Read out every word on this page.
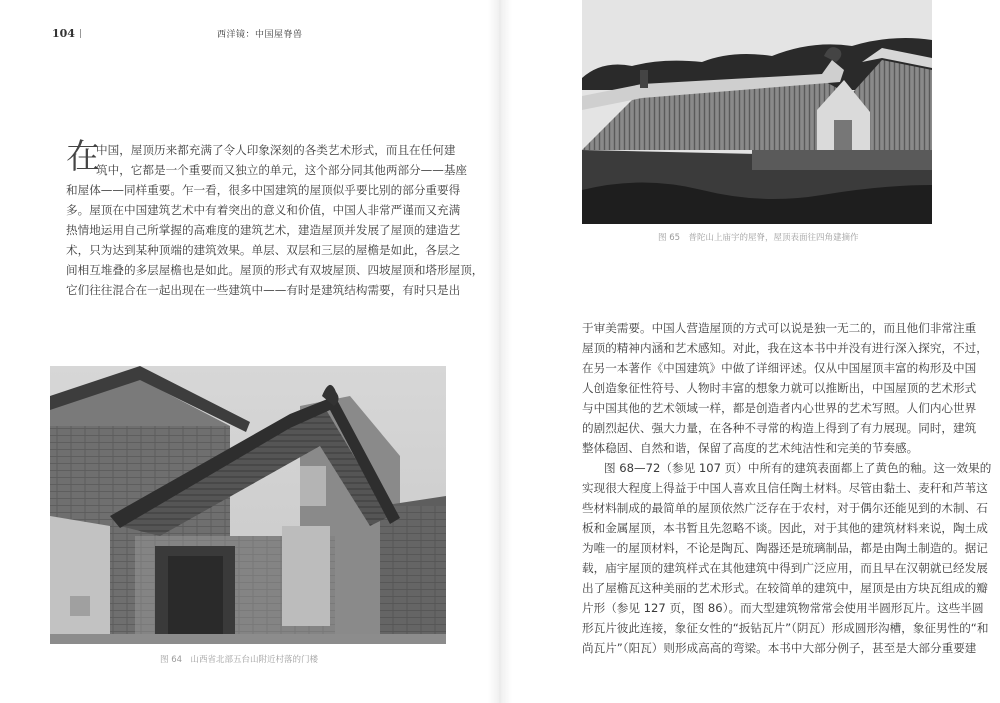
104	西洋镜：中国屋脊兽
在
中国，屋顶历来都充满了令人印象深刻的各类艺术形式，而且在任何建
筑中，它都是一个重要而又独立的单元，这个部分同其他两部分——基座
和屋体——同样重要。乍一看，很多中国建筑的屋顶似乎要比别的部分重要得
多。屋顶在中国建筑艺术中有着突出的意义和价值，中国人非常严谨而又充满
热情地运用自己所掌握的高难度的建筑艺术，建造屋顶并发展了屋顶的建造艺
术，只为达到某种顶端的建筑效果。单层、双层和三层的屋檐是如此，各层之
间相互堆叠的多层屋檐也是如此。屋顶的形式有双坡屋顶、四坡屋顶和塔形屋顶，
它们往往混合在一起出现在一些建筑中——有时是建筑结构需要，有时只是出
图 64　山西省北部五台山附近村落的门楼
图 65　普陀山上庙宇的屋脊，屋顶表面往四角建摘作
于审美需要。中国人营造屋顶的方式可以说是独一无二的，而且他们非常注重
屋顶的精神内涵和艺术感知。对此，我在这本书中并没有进行深入探究，不过，
在另一本著作《中国建筑》中做了详细评述。仅从中国屋顶丰富的构形及中国
人创造象征性符号、人物时丰富的想象力就可以推断出，中国屋顶的艺术形式
与中国其他的艺术领域一样，都是创造者内心世界的艺术写照。人们内心世界
的剧烈起伏、强大力量，在各种不寻常的构造上得到了有力展现。同时，建筑
整体稳固、自然和谐，保留了高度的艺术纯洁性和完美的节奏感。
图 68—72（参见 107 页）中所有的建筑表面都上了黄色的釉。这一效果的
实现很大程度上得益于中国人喜欢且信任陶土材料。尽管由黏土、麦秆和芦苇这
些材料制成的最简单的屋顶依然广泛存在于农村，对于偶尔还能见到的木制、石
板和金属屋顶，本书暂且先忽略不谈。因此，对于其他的建筑材料来说，陶土成
为唯一的屋顶材料，不论是陶瓦、陶器还是琉璃制品，都是由陶土制造的。据记
载，庙宇屋顶的建筑样式在其他建筑中得到广泛应用，而且早在汉朝就已经发展
出了屋檐瓦这种美丽的艺术形式。在较简单的建筑中，屋顶是由方块瓦组成的瓣
片形（参见 127 页，图 86）。而大型建筑物常常会使用半圆形瓦片。这些半圆
形瓦片彼此连接，象征女性的“扳钻瓦片”（阴瓦）形成圆形沟槽，象征男性的“和
尚瓦片”（阳瓦）则形成高高的弯梁。本书中大部分例子，甚至是大部分重要建
